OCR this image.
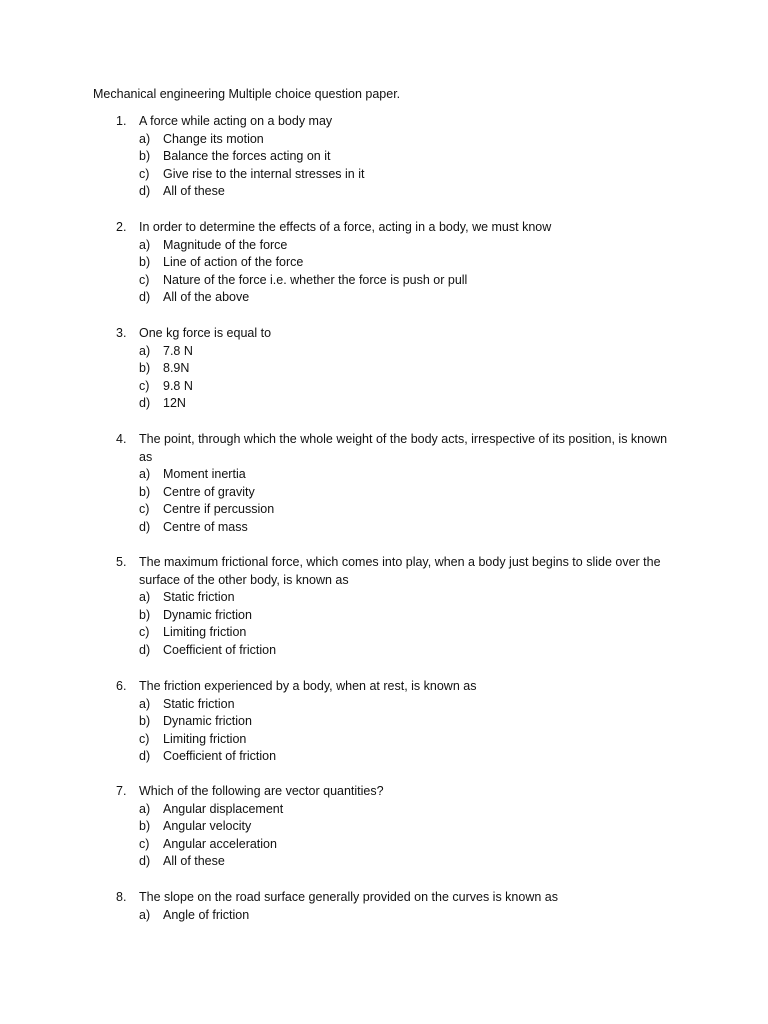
Mechanical engineering Multiple choice question paper.
1. A force while acting on a body may
a) Change its motion
b) Balance the forces acting on it
c) Give rise to the internal stresses in it
d) All of these
2. In order to determine the effects of a force, acting in a body, we must know
a) Magnitude of the force
b) Line of action of the force
c) Nature of the force i.e. whether the force is push or pull
d) All of the above
3. One kg force is equal to
a) 7.8 N
b) 8.9N
c) 9.8 N
d) 12N
4. The point, through which the whole weight of the body acts, irrespective of its position, is known as
a) Moment inertia
b) Centre of gravity
c) Centre if percussion
d) Centre of mass
5. The maximum frictional force, which comes into play, when a body just begins to slide over the surface of the other body, is known as
a) Static friction
b) Dynamic friction
c) Limiting friction
d) Coefficient of friction
6. The friction experienced by a body, when at rest, is known as
a) Static friction
b) Dynamic friction
c) Limiting friction
d) Coefficient of friction
7. Which of the following are vector quantities?
a) Angular displacement
b) Angular velocity
c) Angular acceleration
d) All of these
8. The slope on the road surface generally provided on the curves is known as
a) Angle of friction
